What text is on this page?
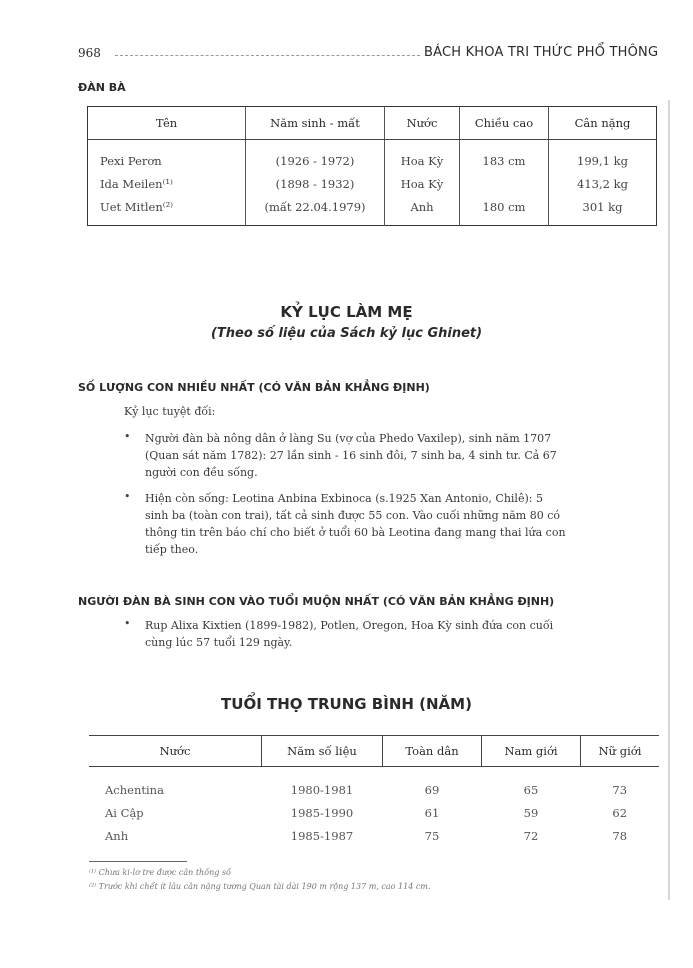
968	BÁCH KHOA TRI THỨC PHỔ THÔNG
ĐÀN BÀ
Tên	Năm sinh - mất	Nước	Chiều cao	Cân nặng
Pexi Perơn	(1926 - 1972)	Hoa Kỳ	183 cm	199,1 kg
Ida Meilen⁽¹⁾	(1898 - 1932)	Hoa Kỳ		413,2 kg
Uet Mitlen⁽²⁾	(mất 22.04.1979)	Anh	180 cm	301 kg
KỶ LỤC LÀM MẸ
(Theo số liệu của Sách kỷ lục Ghinet)
SỐ LƯỢNG CON NHIỀU NHẤT (CÓ VĂN BẢN KHẲNG ĐỊNH)
Kỷ lục tuyệt đối:
• Người đàn bà nông dân ở làng Su (vợ của Phedo Vaxilep), sinh năm 1707
(Quan sát năm 1782): 27 lần sinh - 16 sinh đôi, 7 sinh ba, 4 sinh tư. Cả 67
người con đều sống.
• Hiện còn sống: Leotina Anbina Exbinoca (s.1925 Xan Antonio, Chilê): 5
sinh ba (toàn con trai), tất cả sinh được 55 con. Vào cuối những năm 80 có
thông tin trên báo chí cho biết ở tuổi 60 bà Leotina đang mang thai lứa con
tiếp theo.
NGƯỜI ĐÀN BÀ SINH CON VÀO TUỔI MUỘN NHẤT (CÓ VĂN BẢN KHẲNG ĐỊNH)
• Rup Alixa Kixtien (1899-1982), Potlen, Oregon, Hoa Kỳ sinh đứa con cuối
cùng lúc 57 tuổi 129 ngày.
TUỔI THỌ TRUNG BÌNH (NĂM)
Nước	Năm số liệu	Toàn dân	Nam giới	Nữ giới
Achentina	1980-1981	69	65	73
Ai Cập	1985-1990	61	59	62
Anh	1985-1987	75	72	78
⁽¹⁾ Chưa ki-lơ tre được cân thống số
⁽²⁾ Trước khi chết ít lâu cân nặng tương Quan tài dài 190 m rộng 137 m, cao 114 cm.
